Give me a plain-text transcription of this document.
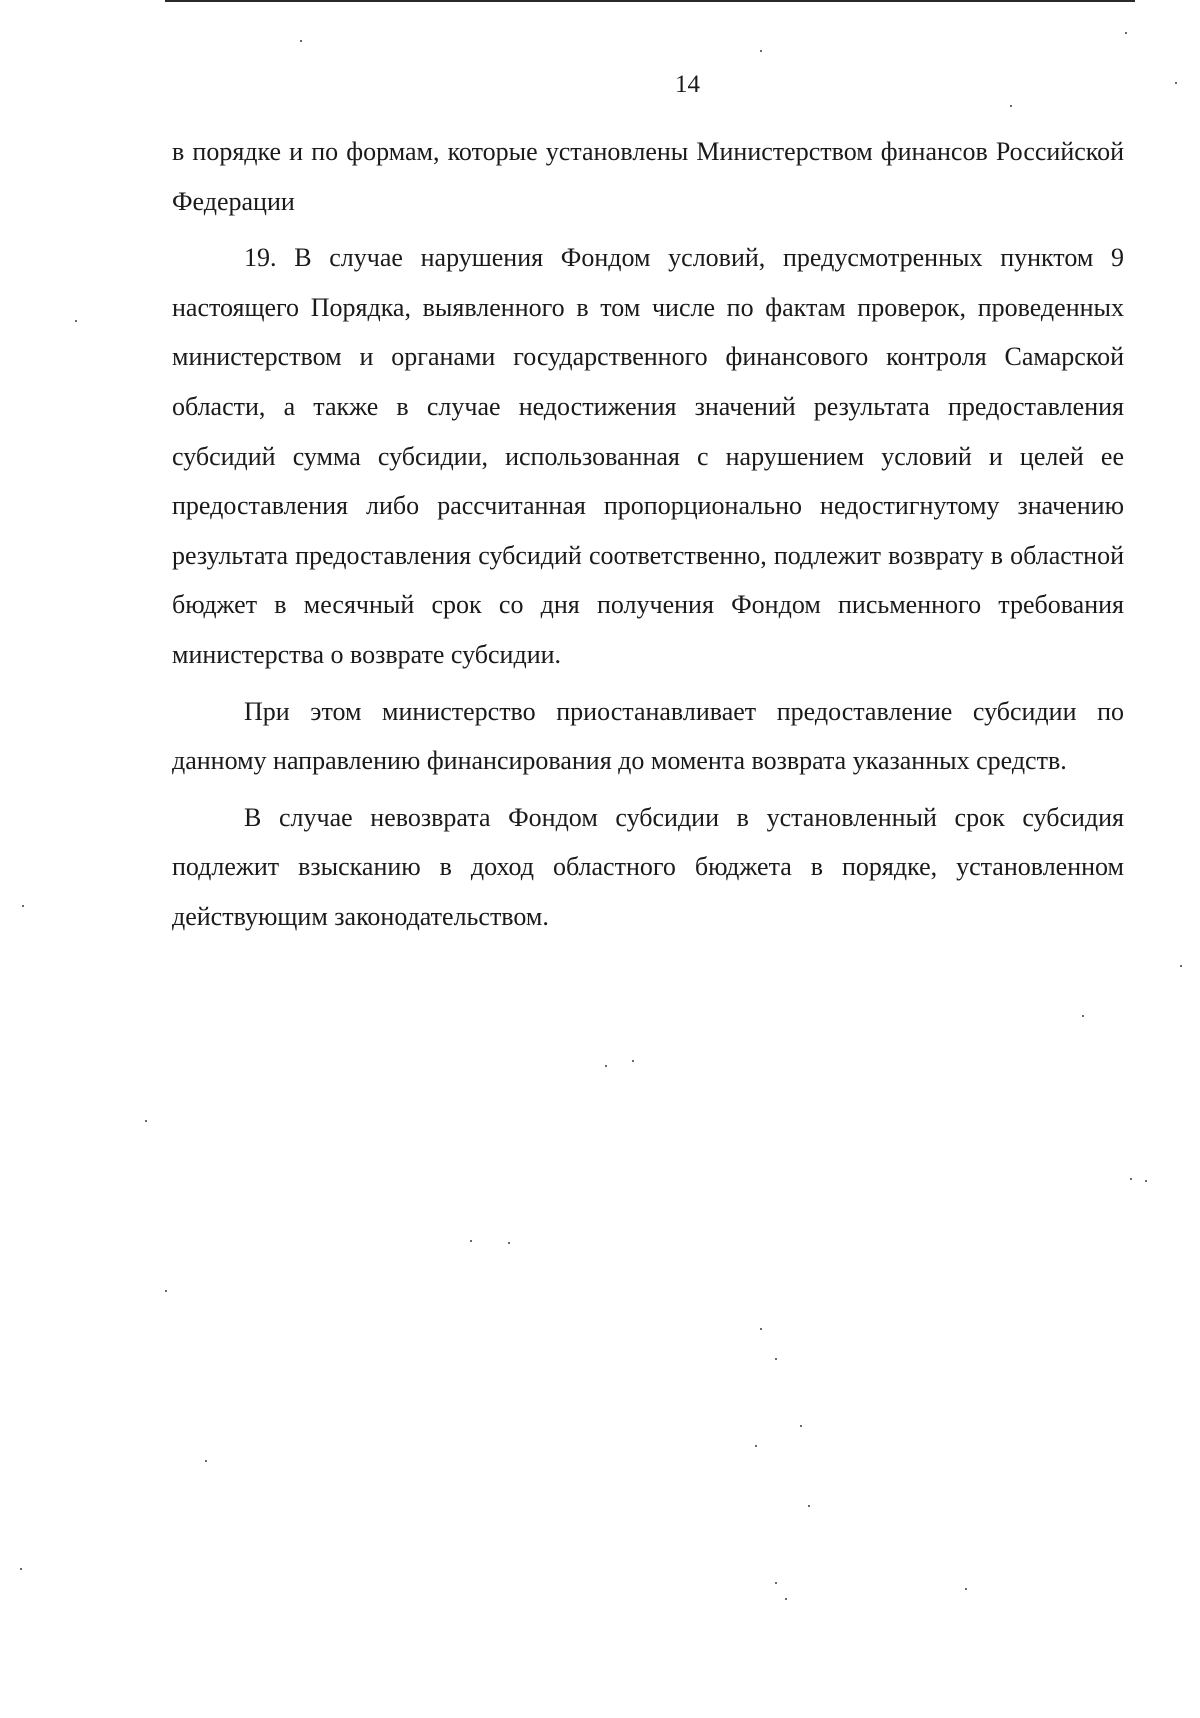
14

в порядке и по формам, которые установлены Министерством финансов Российской Федерации

19. В случае нарушения Фондом условий, предусмотренных пунктом 9 настоящего Порядка, выявленного в том числе по фактам проверок, проведенных министерством и органами государственного финансового контроля Самарской области, а также в случае недостижения значений результата предоставления субсидий сумма субсидии, использованная с нарушением условий и целей ее предоставления либо рассчитанная пропорционально недостигнутому значению результата предоставления субсидий соответственно, подлежит возврату в областной бюджет в месячный срок со дня получения Фондом письменного требования министерства о возврате субсидии.

При этом министерство приостанавливает предоставление субсидии по данному направлению финансирования до момента возврата указанных средств.

В случае невозврата Фондом субсидии в установленный срок субсидия подлежит взысканию в доход областного бюджета в порядке, установленном действующим законодательством.
